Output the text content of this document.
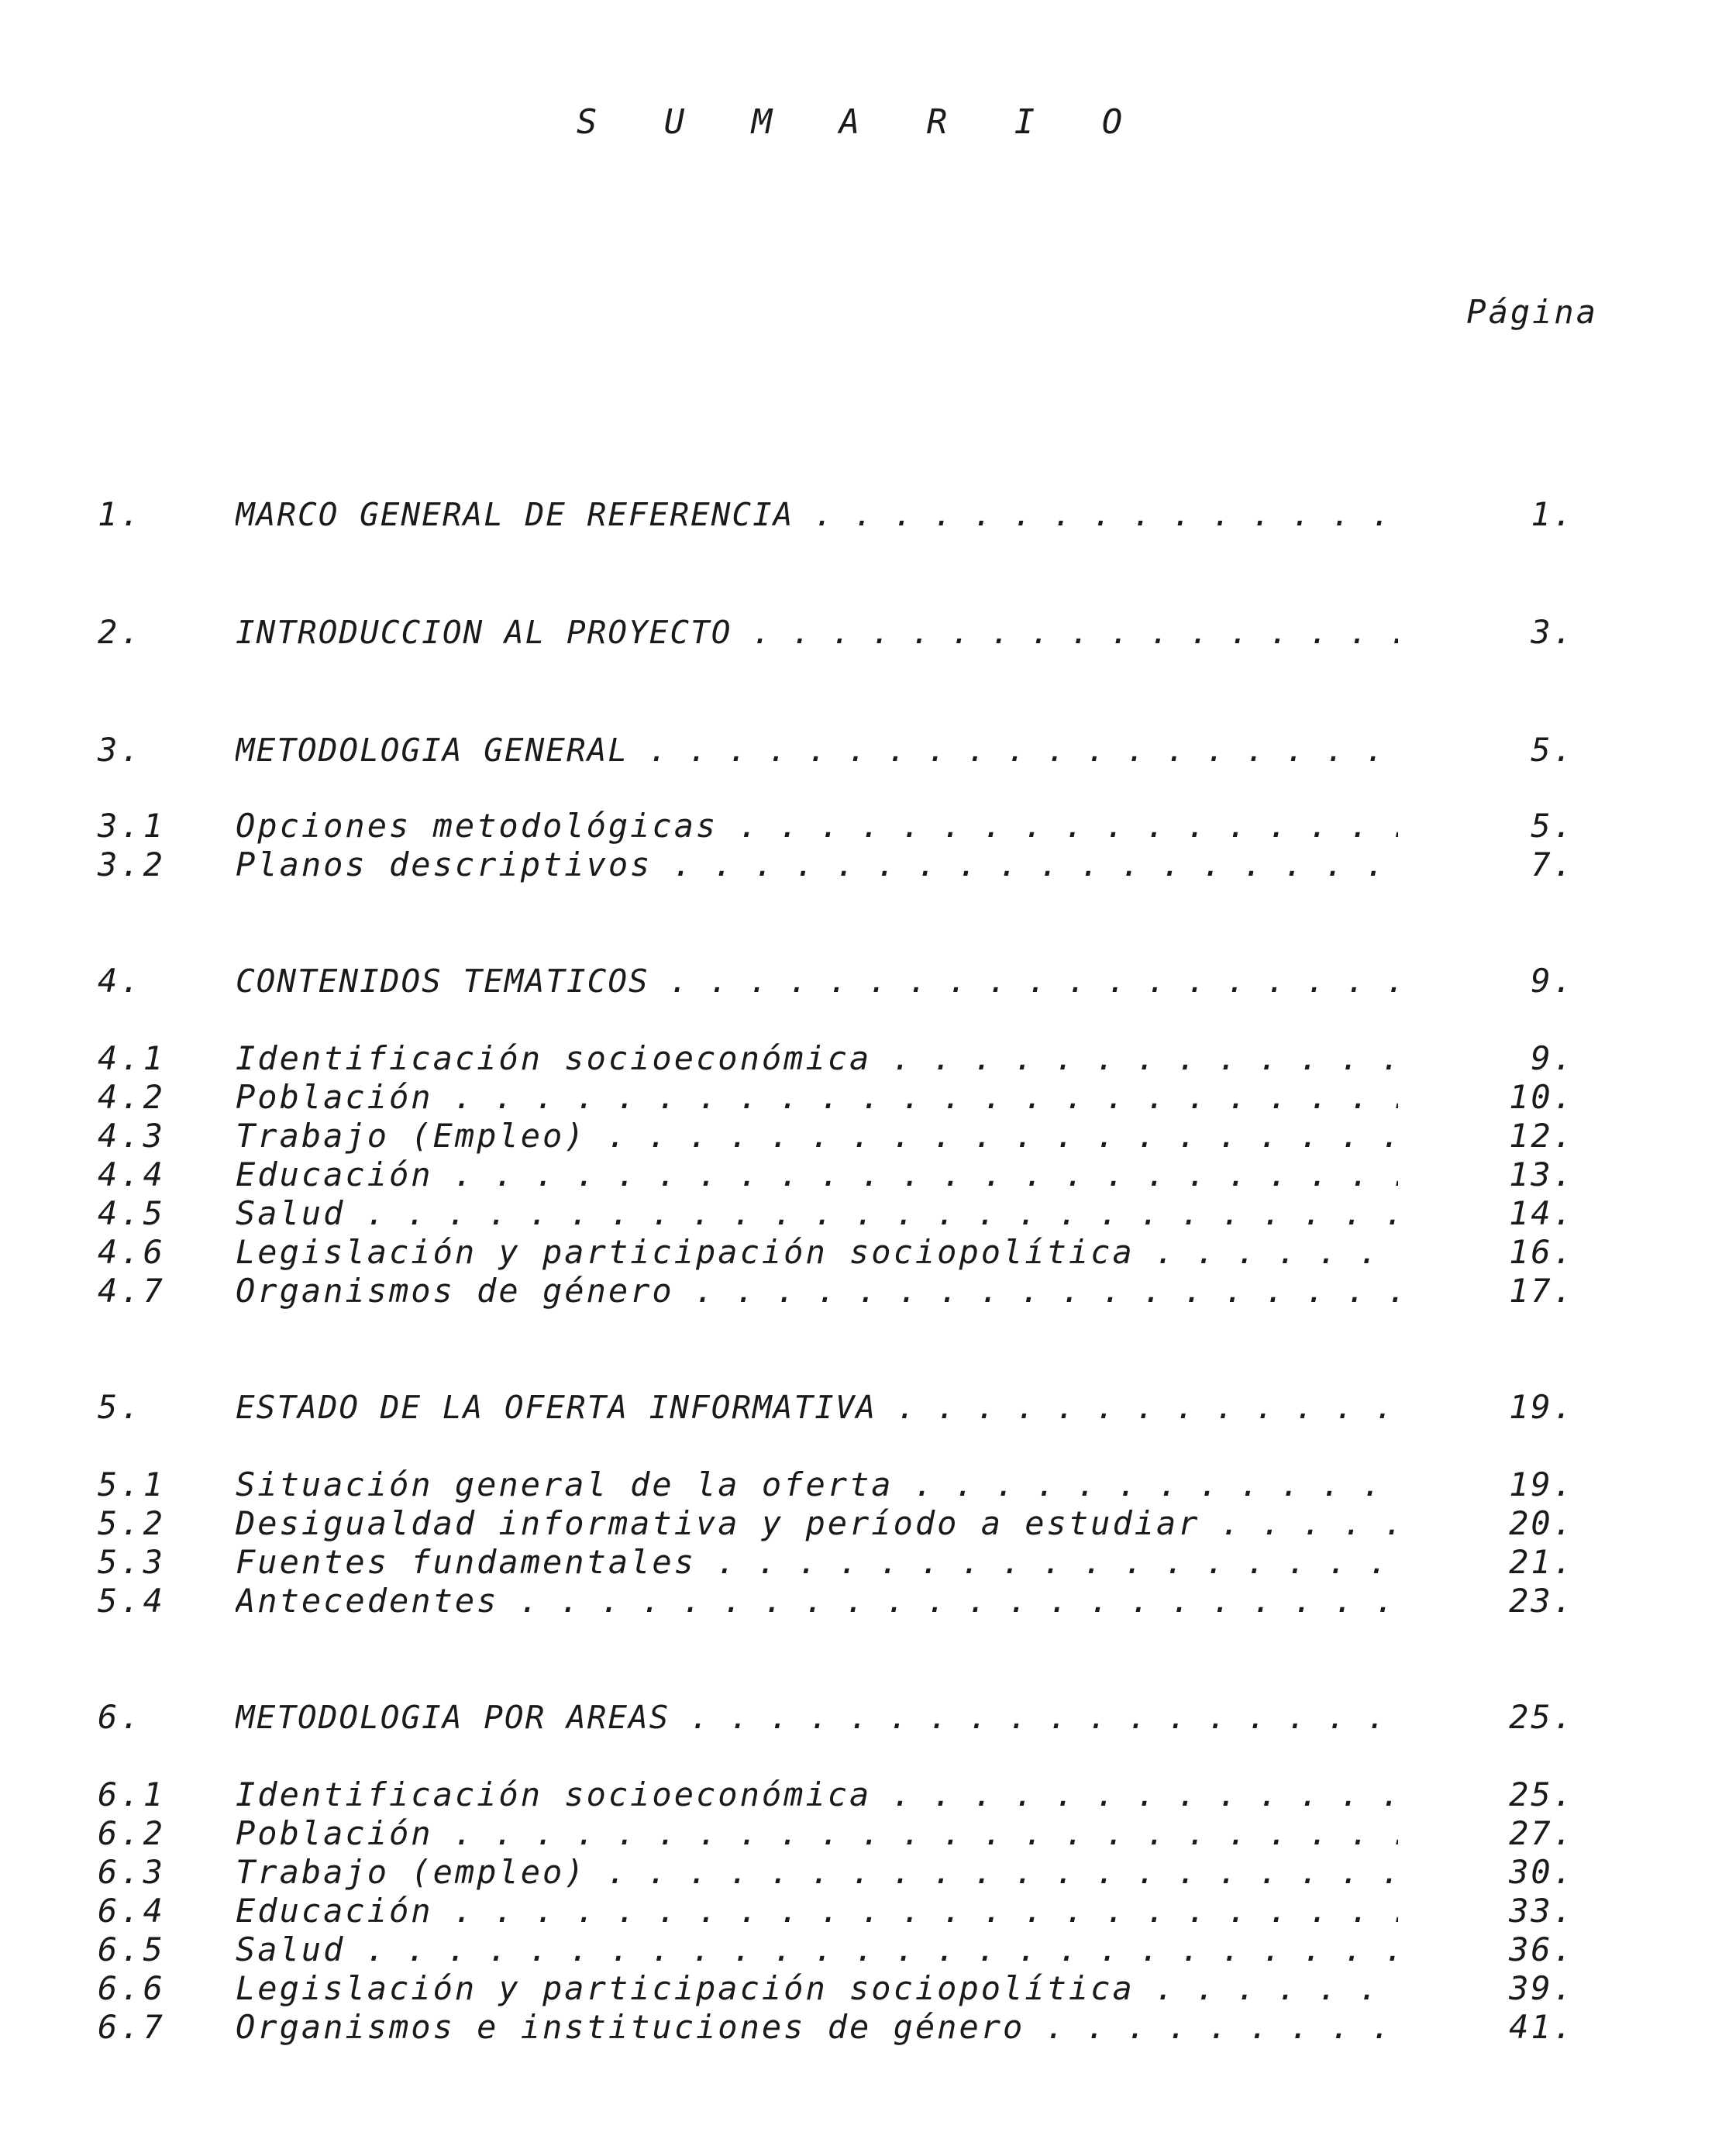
S U M A R I O
Página
1.	MARCO GENERAL DE REFERENCIA . . .	1.
2.	INTRODUCCION AL PROYECTO . . .	3.
3.	METODOLOGIA GENERAL . . .	5.
3.1 Opciones metodológicas . . .	5.
3.2 Planos descriptivos . . .	7.
4.	CONTENIDOS TEMATICOS . . .	9.
4.1 Identificación socioeconómica . . .	9.
4.2 Población . . .	10.
4.3 Trabajo (Empleo) . . .	12.
4.4 Educación . . .	13.
4.5 Salud . . .	14.
4.6 Legislación y participación sociopolítica . . .	16.
4.7 Organismos de género . . .	17.
5.	ESTADO DE LA OFERTA INFORMATIVA . . .	19.
5.1 Situación general de la oferta . . .	19.
5.2 Desigualdad informativa y período a estudiar . . .	20.
5.3 Fuentes fundamentales . . .	21.
5.4 Antecedentes . . .	23.
6.	METODOLOGIA POR AREAS . . .	25.
6.1 Identificación socioeconómica . . .	25.
6.2 Población . . .	27.
6.3 Trabajo (empleo) . . .	30.
6.4 Educación . . .	33.
6.5 Salud . . .	36.
6.6 Legislación y participación sociopolítica . . .	39.
6.7 Organismos e instituciones de género . . .	41.
